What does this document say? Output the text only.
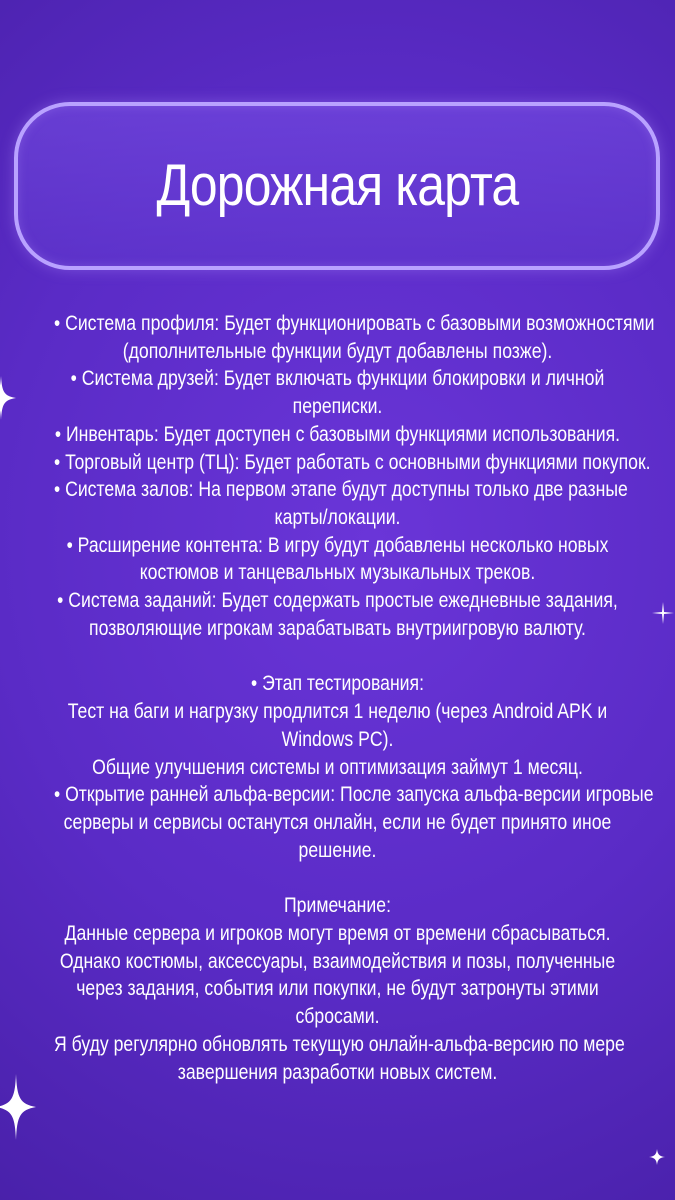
Дорожная карта
• Система профиля: Будет функционировать с базовыми возможностями
(дополнительные функции будут добавлены позже).
• Система друзей: Будет включать функции блокировки и личной
переписки.
• Инвентарь: Будет доступен с базовыми функциями использования.
• Торговый центр (ТЦ): Будет работать с основными функциями покупок.
• Система залов: На первом этапе будут доступны только две разные
карты/локации.
• Расширение контента: В игру будут добавлены несколько новых
костюмов и танцевальных музыкальных треков.
• Система заданий: Будет содержать простые ежедневные задания,
позволяющие игрокам зарабатывать внутриигровую валюту.
• Этап тестирования:
Тест на баги и нагрузку продлится 1 неделю (через Android APK и
Windows PC).
Общие улучшения системы и оптимизация займут 1 месяц.
• Открытие ранней альфа-версии: После запуска альфа-версии игровые
серверы и сервисы останутся онлайн, если не будет принято иное
решение.
Примечание:
Данные сервера и игроков могут время от времени сбрасываться.
Однако костюмы, аксессуары, взаимодействия и позы, полученные
через задания, события или покупки, не будут затронуты этими
сбросами.
Я буду регулярно обновлять текущую онлайн-альфа-версию по мере
завершения разработки новых систем.
